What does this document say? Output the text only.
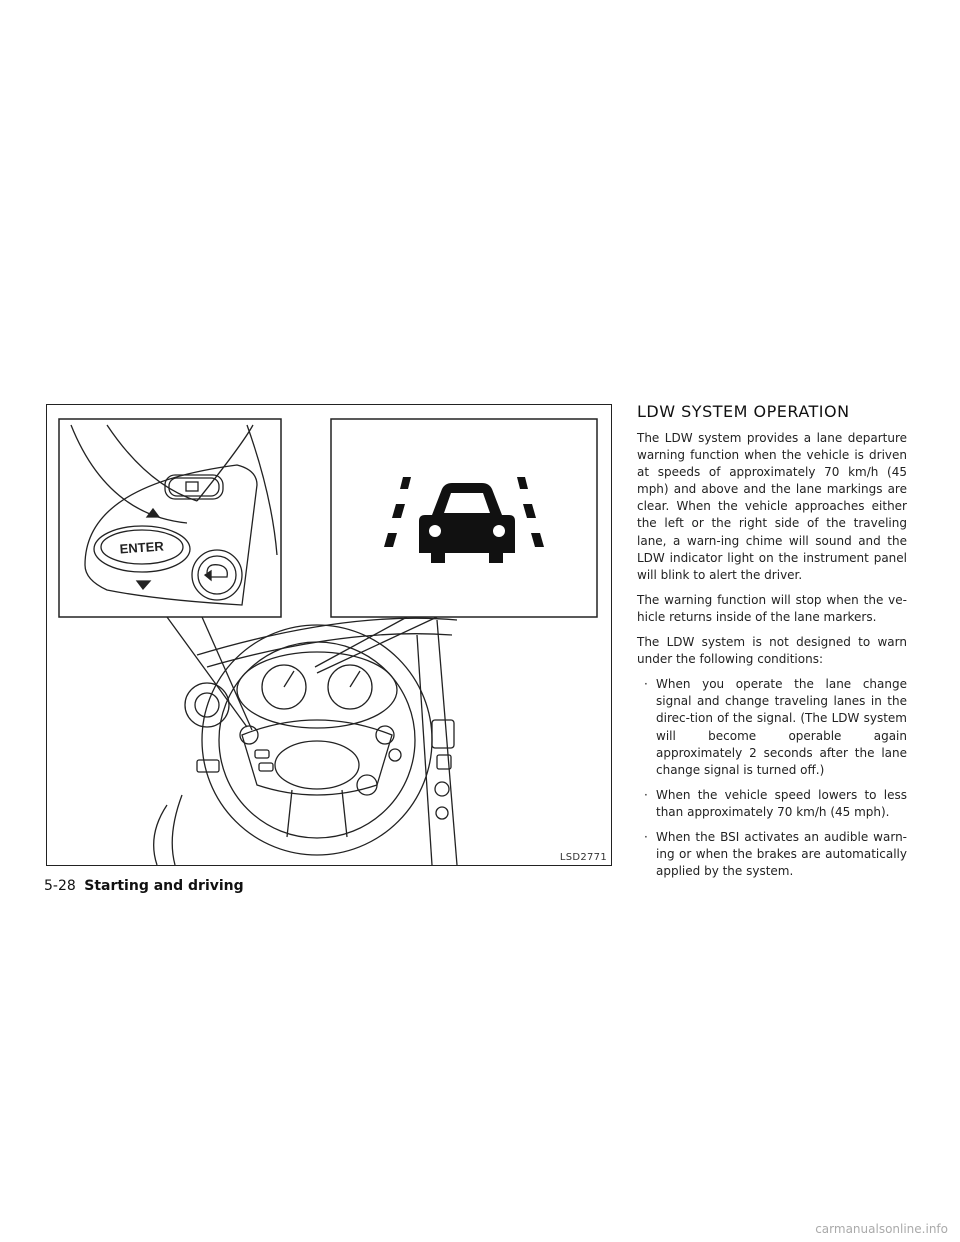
ENTER
LSD2771
LDW SYSTEM OPERATION

The LDW system provides a lane departure warning function when the vehicle is driven at speeds of approximately 70 km/h (45 mph) and above and the lane markings are clear. When the vehicle approaches either the left or the right side of the traveling lane, a warn-ing chime will sound and the LDW indicator light on the instrument panel will blink to alert the driver.

The warning function will stop when the ve-hicle returns inside of the lane markers.

The LDW system is not designed to warn under the following conditions:

· When you operate the lane change signal and change traveling lanes in the direc-tion of the signal. (The LDW system will become operable again approximately 2 seconds after the lane change signal is turned off.)
· When the vehicle speed lowers to less than approximately 70 km/h (45 mph).
· When the BSI activates an audible warn-ing or when the brakes are automatically applied by the system.
5-28 Starting and driving
carmanualsonline.info
